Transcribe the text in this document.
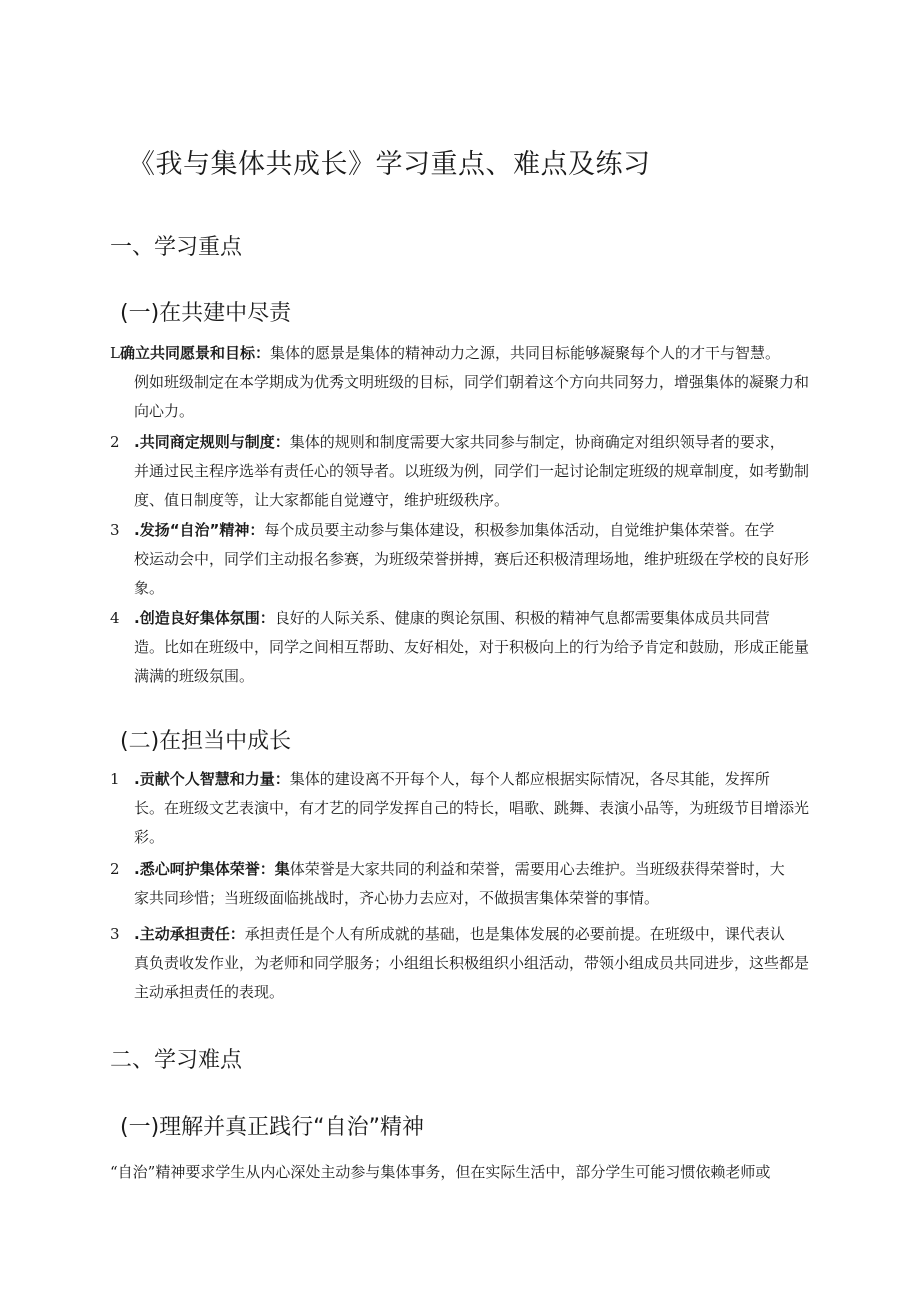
《我与集体共成长》学习重点、难点及练习
一、学习重点
(一)在共建中尽责
L确立共同愿景和目标：集体的愿景是集体的精神动力之源，共同目标能够凝聚每个人的才干与智慧。
例如班级制定在本学期成为优秀文明班级的目标，同学们朝着这个方向共同努力，增强集体的凝聚力和向心力。
2 .共同商定规则与制度：集体的规则和制度需要大家共同参与制定，协商确定对组织领导者的要求，
并通过民主程序选举有责任心的领导者。以班级为例，同学们一起讨论制定班级的规章制度，如考勤制度、值日制度等，让大家都能自觉遵守，维护班级秩序。
3 .发扬“自治”精神：每个成员要主动参与集体建设，积极参加集体活动，自觉维护集体荣誉。在学
校运动会中，同学们主动报名参赛，为班级荣誉拼搏，赛后还积极清理场地，维护班级在学校的良好形象。
4 .创造良好集体氛围：良好的人际关系、健康的舆论氛围、积极的精神气息都需要集体成员共同营
造。比如在班级中，同学之间相互帮助、友好相处，对于积极向上的行为给予肯定和鼓励，形成正能量满满的班级氛围。
(二)在担当中成长
1 .贡献个人智慧和力量：集体的建设离不开每个人，每个人都应根据实际情况，各尽其能，发挥所
长。在班级文艺表演中，有才艺的同学发挥自己的特长，唱歌、跳舞、表演小品等，为班级节目增添光彩。
2 .悉心呵护集体荣誉：集体荣誉是大家共同的利益和荣誉，需要用心去维护。当班级获得荣誉时，大
家共同珍惜；当班级面临挑战时，齐心协力去应对，不做损害集体荣誉的事情。
3 .主动承担责任：承担责任是个人有所成就的基础，也是集体发展的必要前提。在班级中，课代表认
真负责收发作业，为老师和同学服务；小组组长积极组织小组活动，带领小组成员共同进步，这些都是主动承担责任的表现。
二、学习难点
(一)理解并真正践行“自治”精神
“自治”精神要求学生从内心深处主动参与集体事务，但在实际生活中，部分学生可能习惯依赖老师或
